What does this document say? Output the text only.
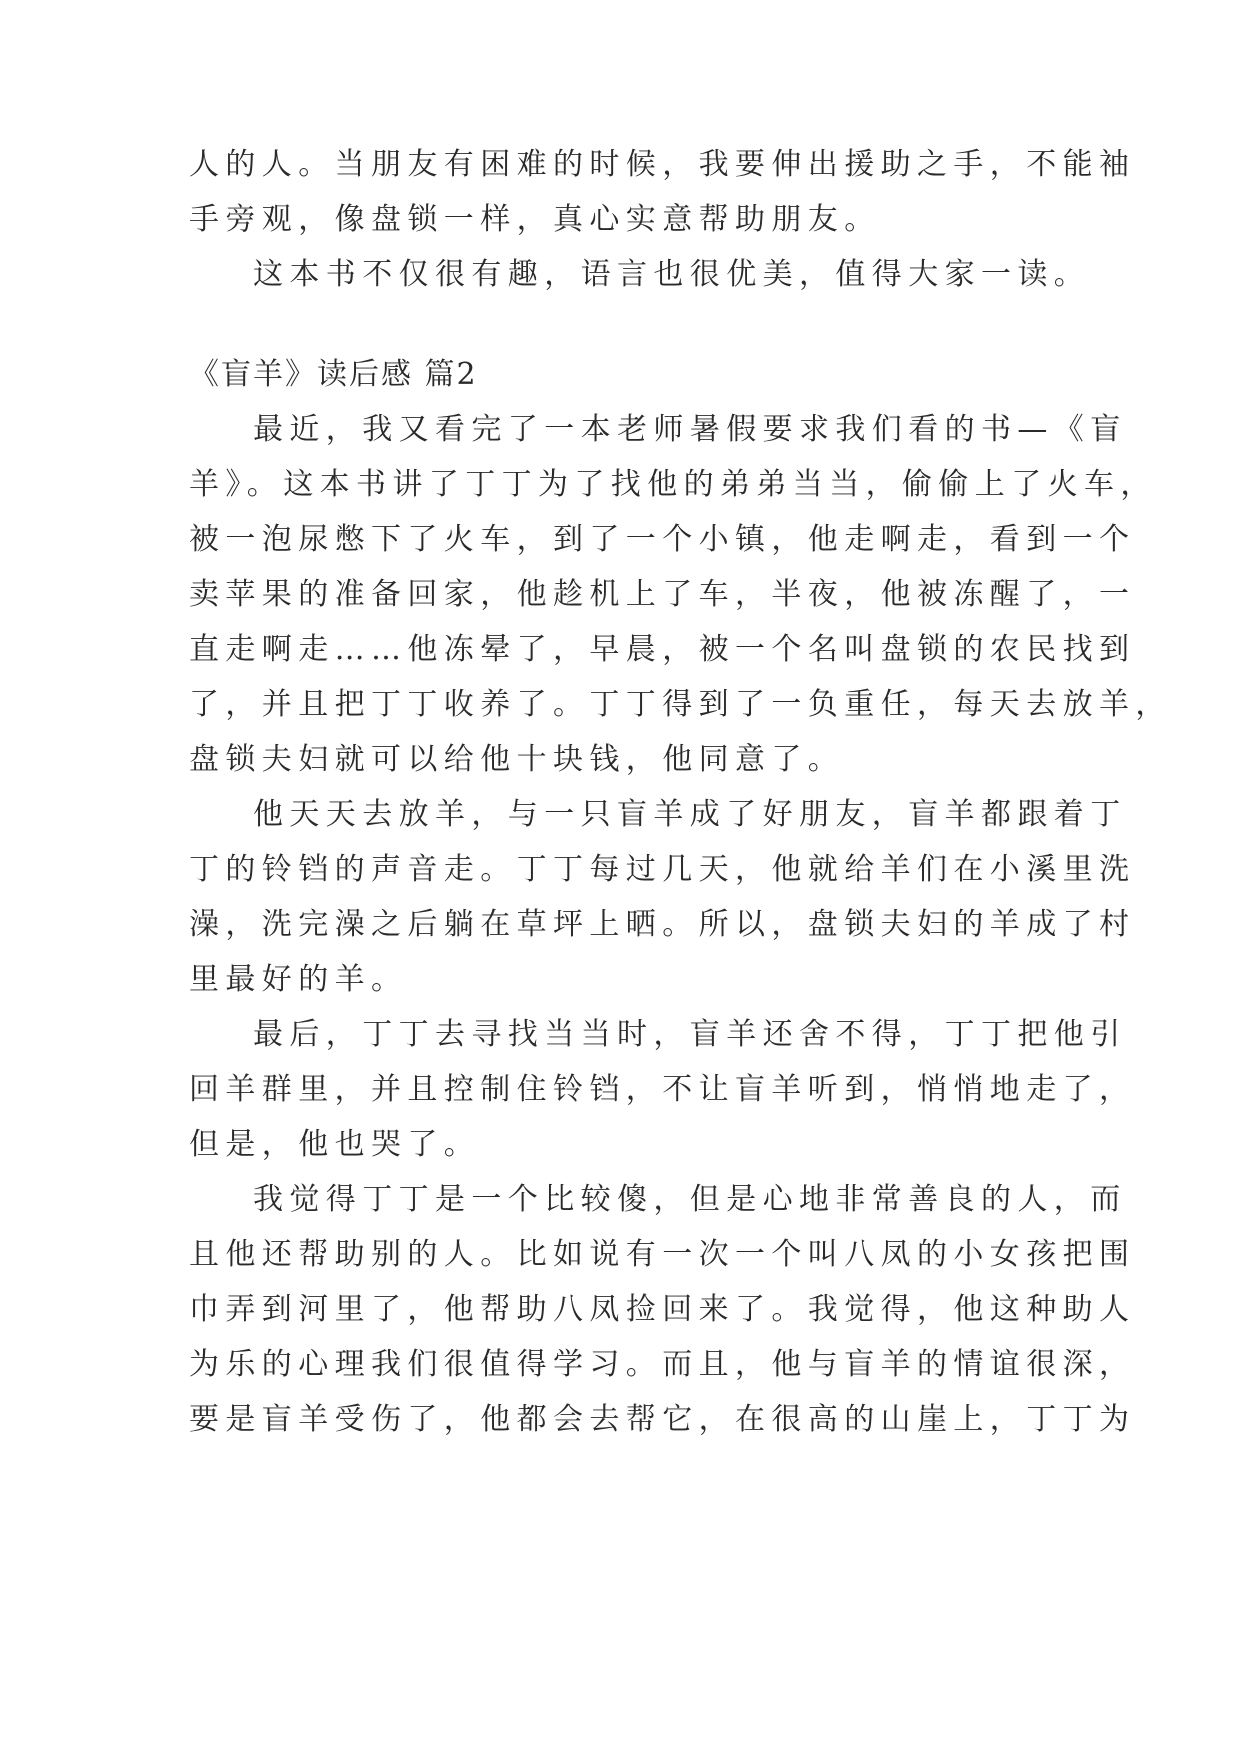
人的人。当朋友有困难的时候，我要伸出援助之手，不能袖

手旁观，像盘锁一样，真心实意帮助朋友。

这本书不仅很有趣，语言也很优美，值得大家一读。

《盲羊》读后感 篇2

最近，我又看完了一本老师暑假要求我们看的书—《盲

羊》。这本书讲了丁丁为了找他的弟弟当当，偷偷上了火车，

被一泡尿憋下了火车，到了一个小镇，他走啊走，看到一个

卖苹果的准备回家，他趁机上了车，半夜，他被冻醒了，一

直走啊走……他冻晕了，早晨，被一个名叫盘锁的农民找到

了，并且把丁丁收养了。丁丁得到了一负重任，每天去放羊，

盘锁夫妇就可以给他十块钱，他同意了。

他天天去放羊，与一只盲羊成了好朋友，盲羊都跟着丁

丁的铃铛的声音走。丁丁每过几天，他就给羊们在小溪里洗

澡，洗完澡之后躺在草坪上晒。所以，盘锁夫妇的羊成了村

里最好的羊。

最后，丁丁去寻找当当时，盲羊还舍不得，丁丁把他引

回羊群里，并且控制住铃铛，不让盲羊听到，悄悄地走了，

但是，他也哭了。

我觉得丁丁是一个比较傻，但是心地非常善良的人，而

且他还帮助别的人。比如说有一次一个叫八凤的小女孩把围

巾弄到河里了，他帮助八凤捡回来了。我觉得，他这种助人

为乐的心理我们很值得学习。而且，他与盲羊的情谊很深，

要是盲羊受伤了，他都会去帮它，在很高的山崖上，丁丁为
